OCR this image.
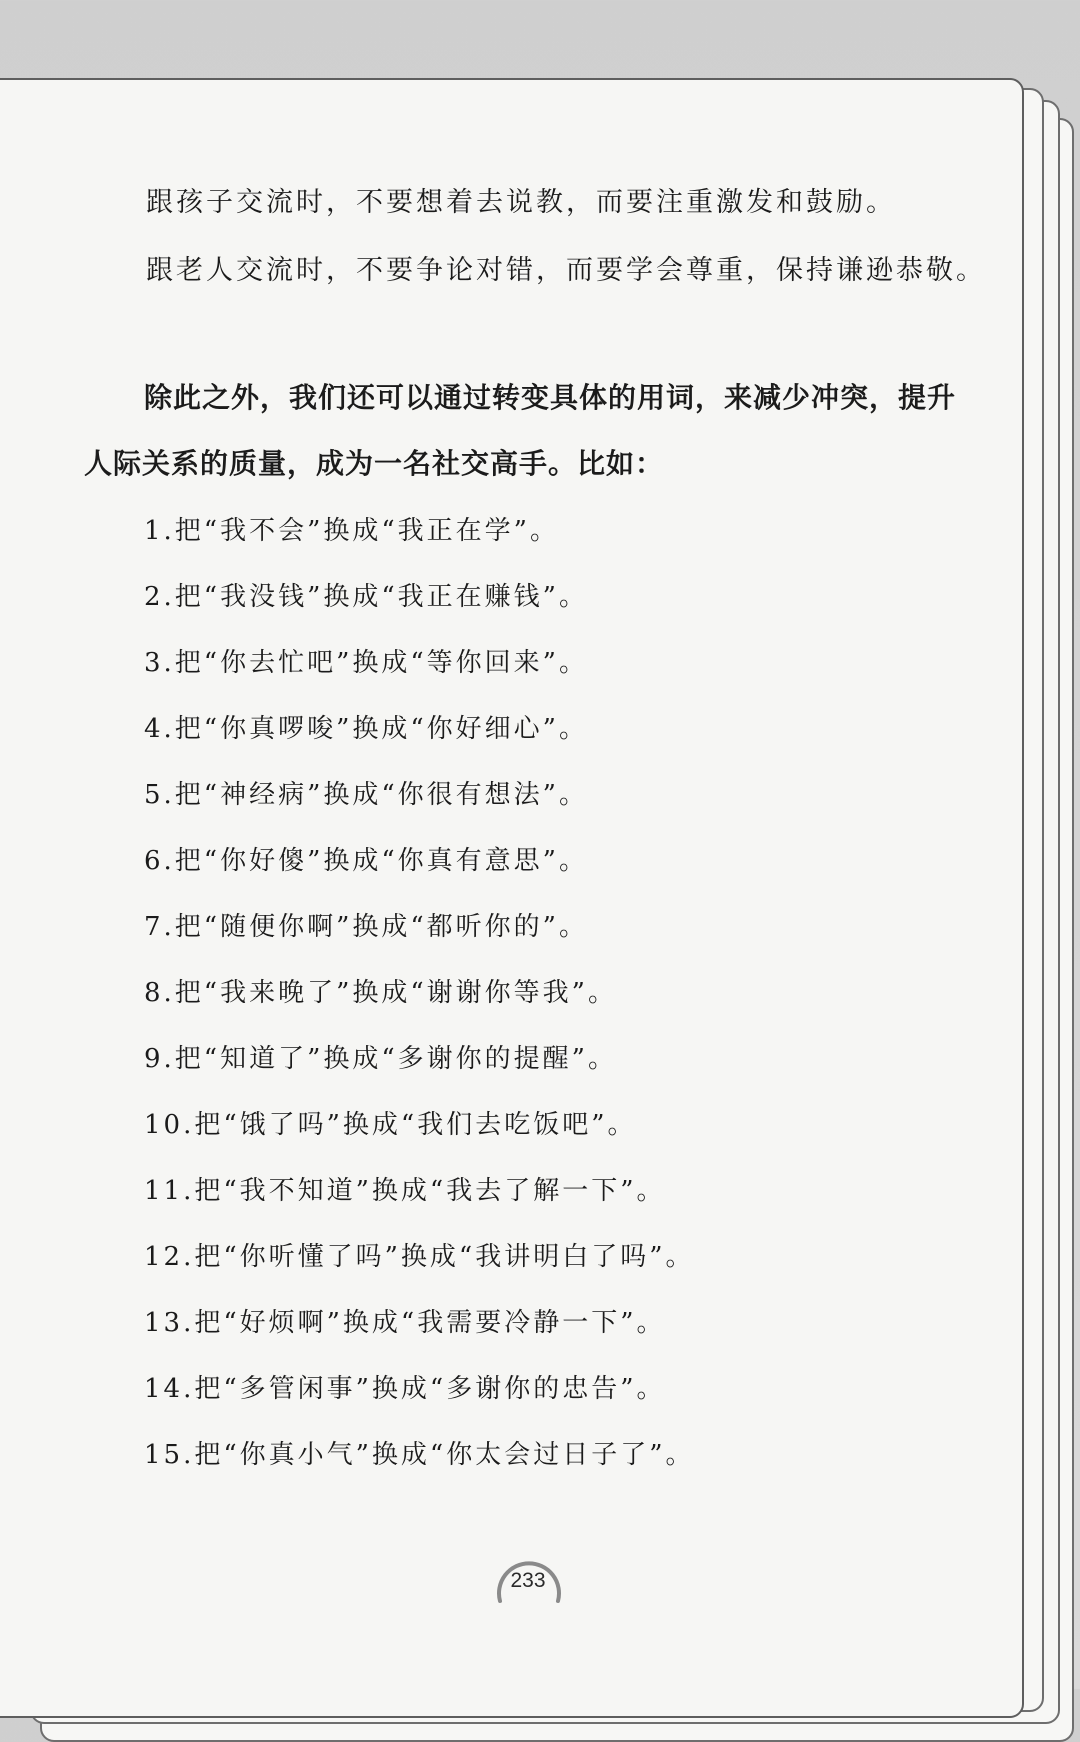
跟孩子交流时，不要想着去说教，而要注重激发和鼓励。
跟老人交流时，不要争论对错，而要学会尊重，保持谦逊恭敬。
除此之外，我们还可以通过转变具体的用词，来减少冲突，提升
人际关系的质量，成为一名社交高手。比如：
1.把“我不会”换成“我正在学”。
2.把“我没钱”换成“我正在赚钱”。
3.把“你去忙吧”换成“等你回来”。
4.把“你真啰唆”换成“你好细心”。
5.把“神经病”换成“你很有想法”。
6.把“你好傻”换成“你真有意思”。
7.把“随便你啊”换成“都听你的”。
8.把“我来晚了”换成“谢谢你等我”。
9.把“知道了”换成“多谢你的提醒”。
10.把“饿了吗”换成“我们去吃饭吧”。
11.把“我不知道”换成“我去了解一下”。
12.把“你听懂了吗”换成“我讲明白了吗”。
13.把“好烦啊”换成“我需要冷静一下”。
14.把“多管闲事”换成“多谢你的忠告”。
15.把“你真小气”换成“你太会过日子了”。
233
